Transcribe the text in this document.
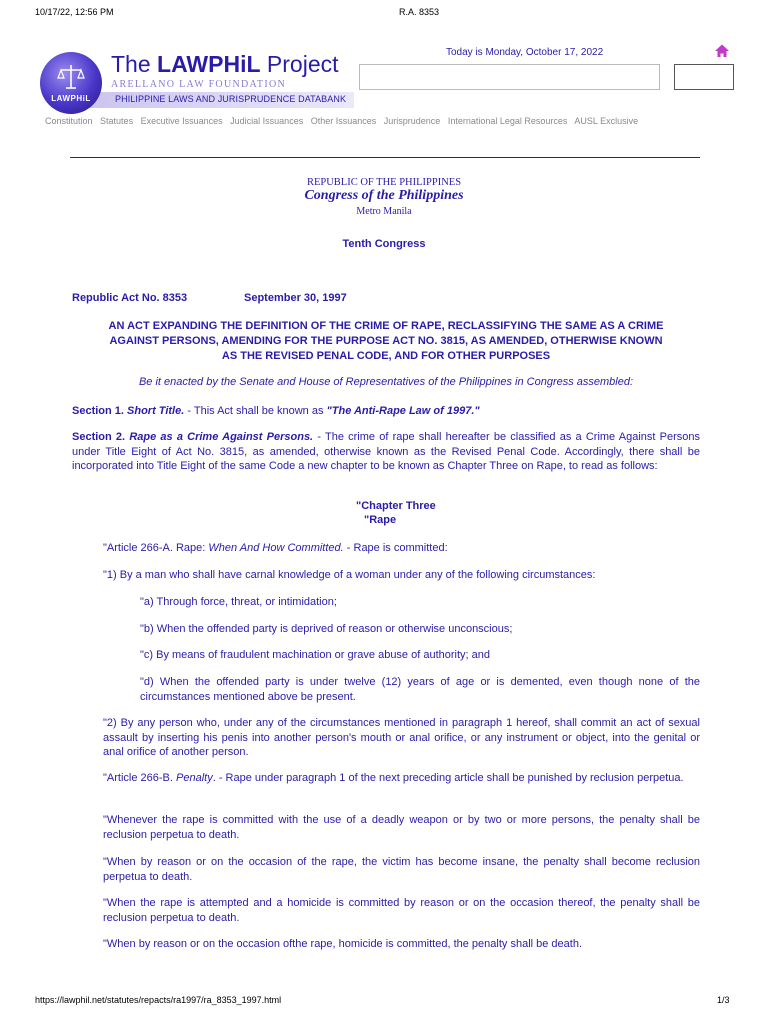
10/17/22, 12:56 PM	R.A. 8353
PHILIPPINE LAWS AND JURISPRUDENCE DATABANK
LAWPHiL
The LAWPHiL Project
ARELLANO LAW FOUNDATION
Today is Monday, October 17, 2022
Constitution Statutes Executive Issuances Judicial Issuances Other Issuances Jurisprudence International Legal Resources AUSL Exclusive
REPUBLIC OF THE PHILIPPINES
Congress of the Philippines
Metro Manila
Tenth Congress
Republic Act No. 8353	September 30, 1997
AN ACT EXPANDING THE DEFINITION OF THE CRIME OF RAPE, RECLASSIFYING THE SAME AS A CRIME
AGAINST PERSONS, AMENDING FOR THE PURPOSE ACT NO. 3815, AS AMENDED, OTHERWISE KNOWN
AS THE REVISED PENAL CODE, AND FOR OTHER PURPOSES
Be it enacted by the Senate and House of Representatives of the Philippines in Congress assembled:
Section 1. Short Title. - This Act shall be known as "The Anti-Rape Law of 1997."
Section 2. Rape as a Crime Against Persons. - The crime of rape shall hereafter be classified as a Crime Against Persons under Title Eight of Act No. 3815, as amended, otherwise known as the Revised Penal Code. Accordingly, there shall be incorporated into Title Eight of the same Code a new chapter to be known as Chapter Three on Rape, to read as follows:
"Chapter Three
"Rape
"Article 266-A. Rape: When And How Committed. - Rape is committed:
"1) By a man who shall have carnal knowledge of a woman under any of the following circumstances:
"a) Through force, threat, or intimidation;
"b) When the offended party is deprived of reason or otherwise unconscious;
"c) By means of fraudulent machination or grave abuse of authority; and
"d) When the offended party is under twelve (12) years of age or is demented, even though none of the circumstances mentioned above be present.
"2) By any person who, under any of the circumstances mentioned in paragraph 1 hereof, shall commit an act of sexual assault by inserting his penis into another person's mouth or anal orifice, or any instrument or object, into the genital or anal orifice of another person.
"Article 266-B. Penalty. - Rape under paragraph 1 of the next preceding article shall be punished by reclusion perpetua.
"Whenever the rape is committed with the use of a deadly weapon or by two or more persons, the penalty shall be reclusion perpetua to death.
"When by reason or on the occasion of the rape, the victim has become insane, the penalty shall become reclusion perpetua to death.
"When the rape is attempted and a homicide is committed by reason or on the occasion thereof, the penalty shall be reclusion perpetua to death.
"When by reason or on the occasion ofthe rape, homicide is committed, the penalty shall be death.
https://lawphil.net/statutes/repacts/ra1997/ra_8353_1997.html	1/3
